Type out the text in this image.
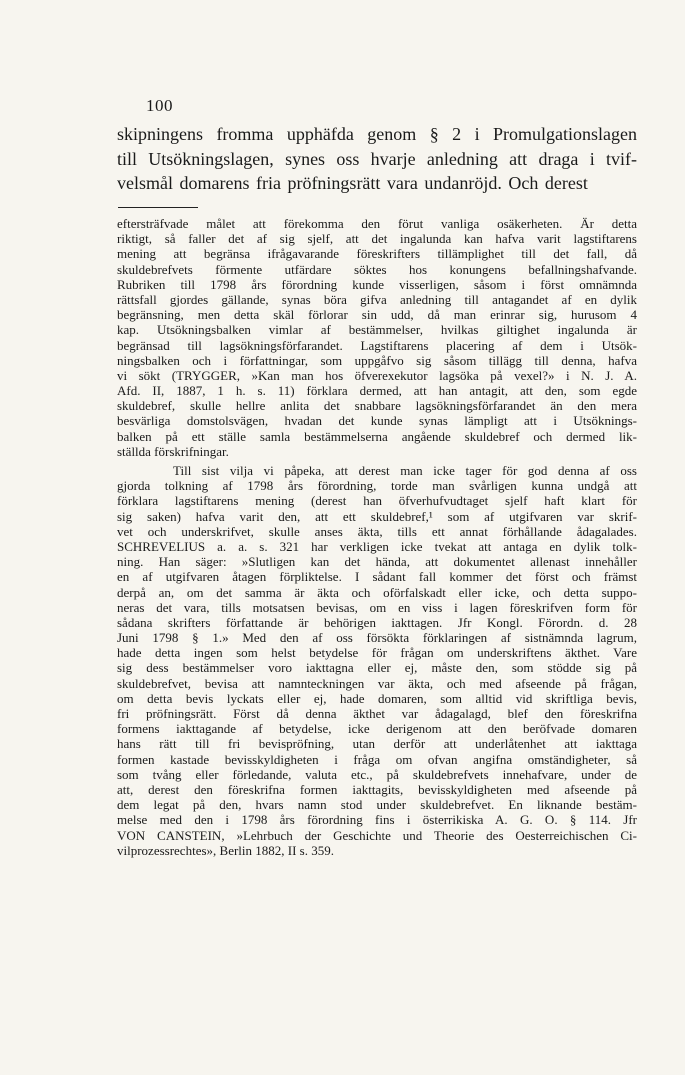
100
skipningens fromma upphäfda genom § 2 i Promulgationslagen
till Utsökningslagen, synes oss hvarje anledning att draga i tvif-
velsmål domarens fria pröfningsrätt vara undanröjd. Och derest
eftersträfvade målet att förekomma den förut vanliga osäkerheten. Är detta
riktigt, så faller det af sig sjelf, att det ingalunda kan hafva varit lagstiftarens
mening att begränsa ifrågavarande föreskrifters tillämplighet till det fall, då
skuldebrefvets förmente utfärdare söktes hos konungens befallningshafvande.
Rubriken till 1798 års förordning kunde visserligen, såsom i först omnämnda
rättsfall gjordes gällande, synas böra gifva anledning till antagandet af en dylik
begränsning, men detta skäl förlorar sin udd, då man erinrar sig, hurusom 4
kap. Utsökningsbalken vimlar af bestämmelser, hvilkas giltighet ingalunda är
begränsad till lagsökningsförfarandet. Lagstiftarens placering af dem i Utsök-
ningsbalken och i författningar, som uppgåfvo sig såsom tillägg till denna, hafva
vi sökt (TRYGGER, »Kan man hos öfverexekutor lagsöka på vexel?» i N. J. A.
Afd. II, 1887, 1 h. s. 11) förklara dermed, att han antagit, att den, som egde
skuldebref, skulle hellre anlita det snabbare lagsökningsförfarandet än den mera
besvärliga domstolsvägen, hvadan det kunde synas lämpligt att i Utsöknings-
balken på ett ställe samla bestämmelserna angående skuldebref och dermed lik-
ställda förskrifningar.
Till sist vilja vi påpeka, att derest man icke tager för god denna af oss
gjorda tolkning af 1798 års förordning, torde man svårligen kunna undgå att
förklara lagstiftarens mening (derest han öfverhufvudtaget sjelf haft klart för
sig saken) hafva varit den, att ett skuldebref,¹ som af utgifvaren var skrif-
vet och underskrifvet, skulle anses äkta, tills ett annat förhållande ådagalades.
SCHREVELIUS a. a. s. 321 har verkligen icke tvekat att antaga en dylik tolk-
ning. Han säger: »Slutligen kan det hända, att dokumentet allenast innehåller
en af utgifvaren åtagen förpliktelse. I sådant fall kommer det först och främst
derpå an, om det samma är äkta och oförfalskadt eller icke, och detta suppo-
neras det vara, tills motsatsen bevisas, om en viss i lagen föreskrifven form för
sådana skrifters författande är behörigen iakttagen. Jfr Kongl. Förordn. d. 28
Juni 1798 § 1.» Med den af oss försökta förklaringen af sistnämnda lagrum,
hade detta ingen som helst betydelse för frågan om underskriftens äkthet. Vare
sig dess bestämmelser voro iakttagna eller ej, måste den, som stödde sig på
skuldebrefvet, bevisa att namnteckningen var äkta, och med afseende på frågan,
om detta bevis lyckats eller ej, hade domaren, som alltid vid skriftliga bevis,
fri pröfningsrätt. Först då denna äkthet var ådagalagd, blef den föreskrifna
formens iakttagande af betydelse, icke derigenom att den beröfvade domaren
hans rätt till fri bevispröfning, utan derför att underlåtenhet att iakttaga
formen kastade bevisskyldigheten i fråga om ofvan angifna omständigheter, så
som tvång eller förledande, valuta etc., på skuldebrefvets innehafvare, under de
att, derest den föreskrifna formen iakttagits, bevisskyldigheten med afseende på
dem legat på den, hvars namn stod under skuldebrefvet. En liknande bestäm-
melse med den i 1798 års förordning fins i österrikiska A. G. O. § 114. Jfr
VON CANSTEIN, »Lehrbuch der Geschichte und Theorie des Oesterreichischen Ci-
vilprozessrechtes», Berlin 1882, II s. 359.
